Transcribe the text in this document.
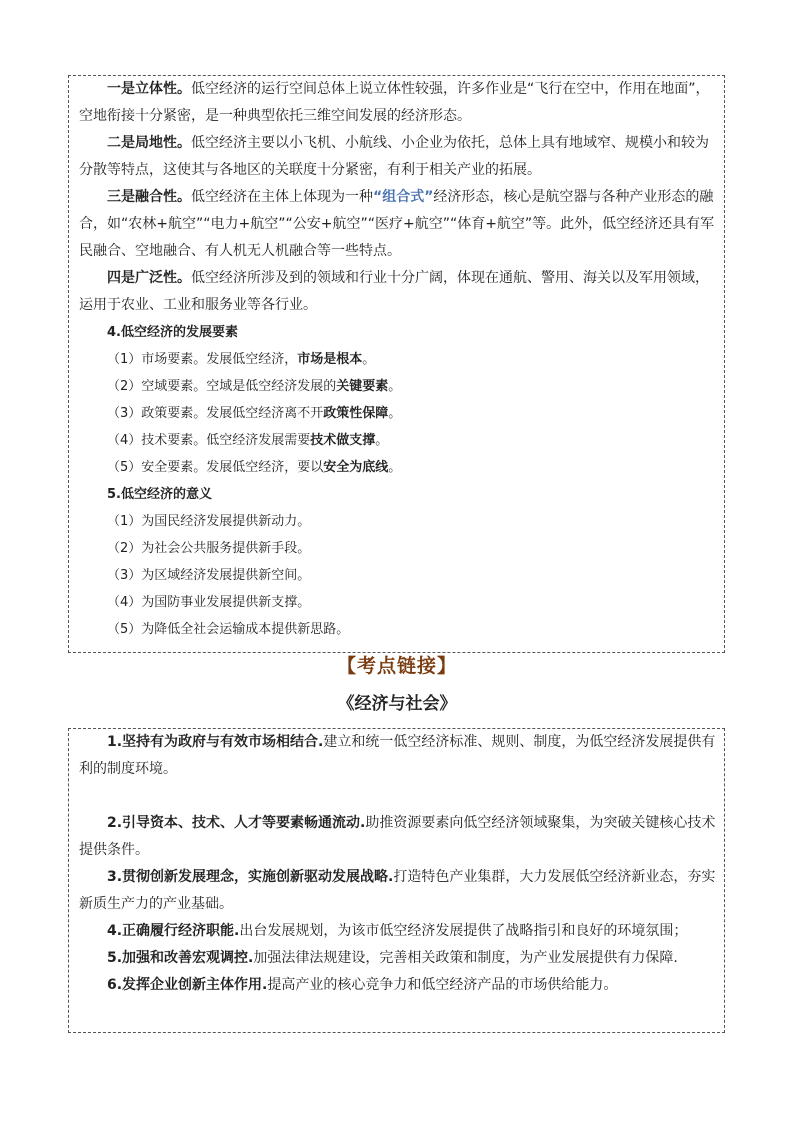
一是立体性。低空经济的运行空间总体上说立体性较强，许多作业是“飞行在空中，作用在地面”，空地衔接十分紧密，是一种典型依托三维空间发展的经济形态。

二是局地性。低空经济主要以小飞机、小航线、小企业为依托，总体上具有地域窄、规模小和较为分散等特点，这使其与各地区的关联度十分紧密，有利于相关产业的拓展。

三是融合性。低空经济在主体上体现为一种“组合式”经济形态，核心是航空器与各种产业形态的融合，如“农林+航空”“电力+航空”“公安+航空”“医疗+航空”“体育+航空”等。此外，低空经济还具有军民融合、空地融合、有人机无人机融合等一些特点。

四是广泛性。低空经济所涉及到的领域和行业十分广阔，体现在通航、警用、海关以及军用领域，运用于农业、工业和服务业等各行业。

4.低空经济的发展要素

（1）市场要素。发展低空经济，市场是根本。

（2）空域要素。空域是低空经济发展的关键要素。

（3）政策要素。发展低空经济离不开政策性保障。

（4）技术要素。低空经济发展需要技术做支撑。

（5）安全要素。发展低空经济，要以安全为底线。

5.低空经济的意义

（1）为国民经济发展提供新动力。

（2）为社会公共服务提供新手段。

（3）为区域经济发展提供新空间。

（4）为国防事业发展提供新支撑。

（5）为降低全社会运输成本提供新思路。

【考点链接】
《经济与社会》

1.坚持有为政府与有效市场相结合.建立和统一低空经济标准、规则、制度，为低空经济发展提供有利的制度环境。

2.引导资本、技术、人才等要素畅通流动.助推资源要素向低空经济领域聚集，为突破关键核心技术提供条件。

3.贯彻创新发展理念，实施创新驱动发展战略.打造特色产业集群，大力发展低空经济新业态，夯实新质生产力的产业基础。

4.正确履行经济职能.出台发展规划，为该市低空经济发展提供了战略指引和良好的环境氛围；

5.加强和改善宏观调控.加强法律法规建设，完善相关政策和制度，为产业发展提供有力保障.

6.发挥企业创新主体作用.提高产业的核心竞争力和低空经济产品的市场供给能力。
